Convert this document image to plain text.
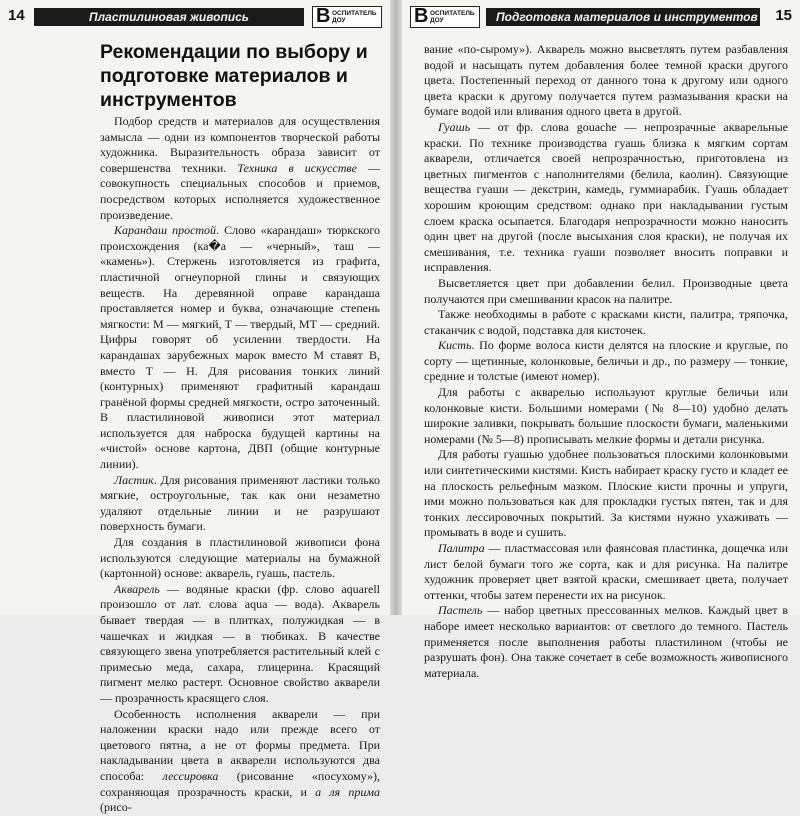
14	Пластилиновая живопись	В ОСПИТАТЕЛЬ ДОУ
Рекомендации по выбору и подготовке материалов и инструментов

Подбор средств и материалов для осуществления замысла — одни из компонентов творческой работы художника. Выразительность образа зависит от совершенства техники. Техника в искусстве — совокупность специальных способов и приемов, посредством которых исполняется художественное произведение.

Карандаш простой. Слово «карандаш» тюркского происхождения (ка�а — «черный», таш — «камень»). Стержень изготовляется из графита, пластичной огнеупорной глины и связующих веществ. На деревянной оправе карандаша проставляется номер и буква, означающие степень мягкости: М — мягкий, Т — твердый, МТ — средний. Цифры говорят об усилении твердости. На карандашах зарубежных марок вместо М ставят В, вместо Т — Н. Для рисования тонких линий (контурных) применяют графитный карандаш гранёной формы средней мягкости, остро заточенный. В пластилиновой живописи этот материал используется для наброска будущей картины на «чистой» основе картона, ДВП (общие контурные линии).

Ластик. Для рисования применяют ластики только мягкие, остроугольные, так как они незаметно удаляют отдельные линии и не разрушают поверхность бумаги.

Для создания в пластилиновой живописи фона используются следующие материалы на бумажной (картонной) основе: акварель, гуашь, пастель.

Акварель — водяные краски (фр. слово aquarell произошло от лат. слова aqua — вода). Акварель бывает твердая — в плитках, полужидкая — в чашечках и жидкая — в тюбиках. В качестве связующего звена употребляется растительный клей с примесью меда, сахара, глицерина. Красящий пигмент мелко растерт. Основное свойство акварели — прозрачность красящего слоя.

Особенность исполнения акварели — при наложении краски надо или прежде всего от цветового пятна, а не от формы предмета. При накладывании цвета в акварели используются два способа: лессировка (рисование «посухому»), сохраняющая прозрачность краски, и а ля прима (рисо-

В ОСПИТАТЕЛЬ ДОУ	Подготовка материалов и инструментов 15

вание «по-сырому»). Акварель можно высветлять путем разбавления водой и насыщать путем добавления более темной краски другого цвета. Постепенный переход от данного тона к другому или одного цвета краски к другому получается путем размазывания краски на бумаге водой или вливания одного цвета в другой.

Гуашь — от фр. слова gouache — непрозрачные акварельные краски. По технике производства гуашь близка к мягким сортам акварели, отличается своей непрозрачностью, приготовлена из цветных пигментов с наполнителями (белила, каолин). Связующие вещества гуаши — декстрин, камедь, гуммиарабик. Гуашь обладает хорошим кроющим средством: однако при накладывании густым слоем краска осыпается. Благодаря непрозрачности можно наносить один цвет на другой (после высыхания слоя краски), не получая их смешивания, т.е. техника гуаши позволяет вносить поправки и исправления.

Высветляется цвет при добавлении белил. Производные цвета получаются при смешивании красок на палитре.

Также необходимы в работе с красками кисти, палитра, тряпочка, стаканчик с водой, подставка для кисточек.

Кисть. По форме волоса кисти делятся на плоские и круглые, по сорту — щетинные, колонковые, беличьи и др., по размеру — тонкие, средние и толстые (имеют номер).

Для работы с акварелью используют круглые беличьи или колонковые кисти. Большими номерами (№ 8—10) удобно делать широкие заливки, покрывать большие плоскости бумаги, маленькими номерами (№ 5—8) прописывать мелкие формы и детали рисунка.

Для работы гуашью удобнее пользоваться плоскими колонковыми или синтетическими кистями. Кисть набирает краску густо и кладет ее на плоскость рельефным мазком. Плоские кисти прочны и упруги, ими можно пользоваться как для прокладки густых пятен, так и для тонких лессировочных покрытий. За кистями нужно ухаживать — промывать в воде и сушить.

Палитра — пластмассовая или фаянсовая пластинка, дощечка или лист белой бумаги того же сорта, как и для рисунка. На палитре художник проверяет цвет взятой краски, смешивает цвета, получает оттенки, чтобы затем перенести их на рисунок.

Пастель — набор цветных прессованных мелков. Каждый цвет в наборе имеет несколько вариантов: от светлого до темного. Пастель применяется после выполнения работы пластилином (чтобы не разрушать фон). Она также сочетает в себе возможность живописного материала.
